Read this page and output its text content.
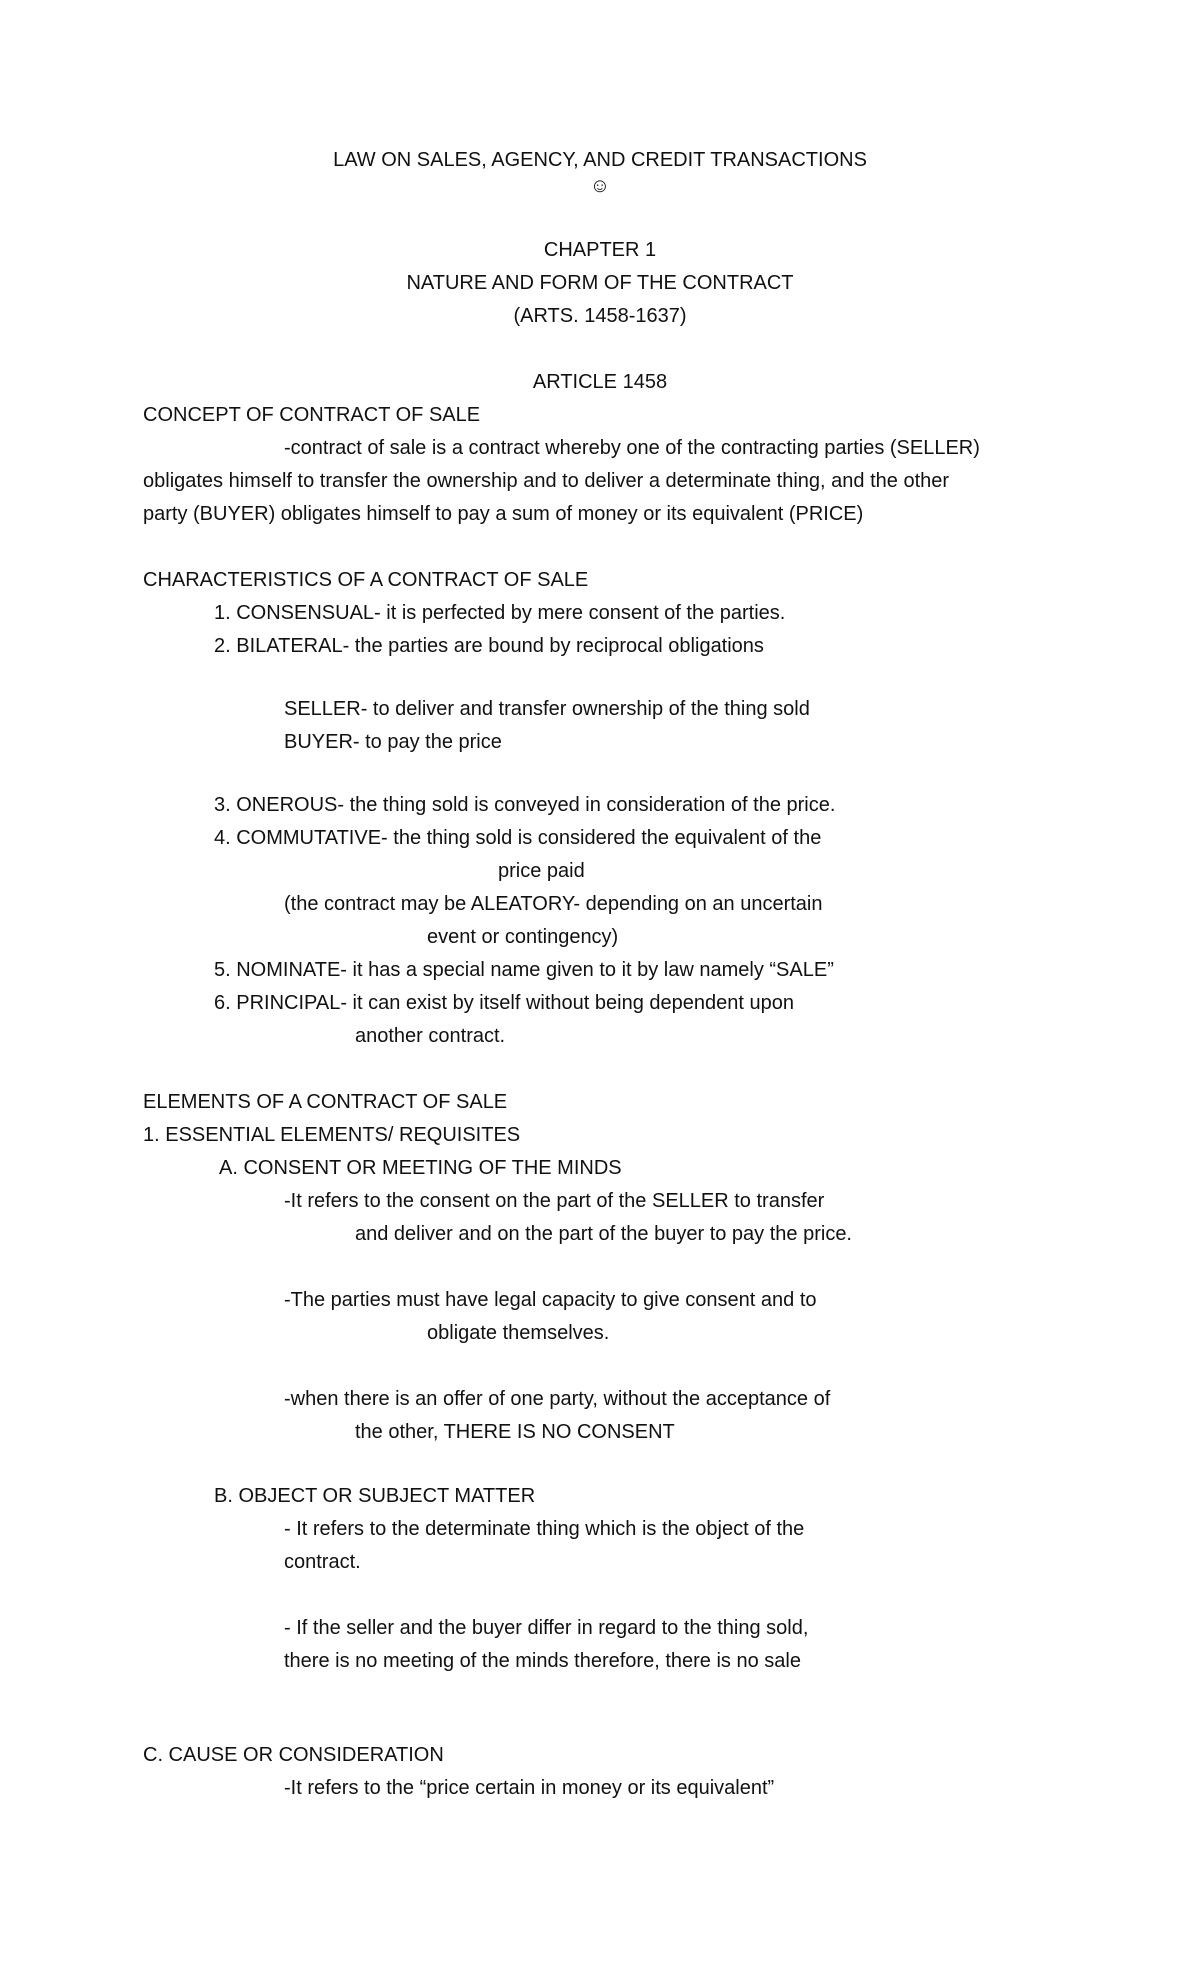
LAW ON SALES, AGENCY, AND CREDIT TRANSACTIONS
☺
CHAPTER 1
NATURE AND FORM OF THE CONTRACT
(ARTS. 1458-1637)
ARTICLE 1458
CONCEPT OF CONTRACT OF SALE
-contract of sale is a contract whereby one of the contracting parties (SELLER)
obligates himself to transfer the ownership and to deliver a determinate thing, and the other
party (BUYER) obligates himself to pay a sum of money or its equivalent (PRICE)
CHARACTERISTICS OF A CONTRACT OF SALE
1. CONSENSUAL- it is perfected by mere consent of the parties.
2. BILATERAL- the parties are bound by reciprocal obligations
SELLER- to deliver and transfer ownership of the thing sold
BUYER- to pay the price
3. ONEROUS- the thing sold is conveyed in consideration of the price.
4. COMMUTATIVE- the thing sold is considered the equivalent of the
price paid
(the contract may be ALEATORY- depending on an uncertain
event or contingency)
5. NOMINATE- it has a special name given to it by law namely “SALE”
6. PRINCIPAL- it can exist by itself without being dependent upon
another contract.
ELEMENTS OF A CONTRACT OF SALE
1. ESSENTIAL ELEMENTS/ REQUISITES
A. CONSENT OR MEETING OF THE MINDS
-It refers to the consent on the part of the SELLER to transfer
and deliver and on the part of the buyer to pay the price.
-The parties must have legal capacity to give consent and to
obligate themselves.
-when there is an offer of one party, without the acceptance of
the other, THERE IS NO CONSENT
B. OBJECT OR SUBJECT MATTER
- It refers to the determinate thing which is the object of the
contract.
- If the seller and the buyer differ in regard to the thing sold,
there is no meeting of the minds therefore, there is no sale
C. CAUSE OR CONSIDERATION
-It refers to the “price certain in money or its equivalent”
